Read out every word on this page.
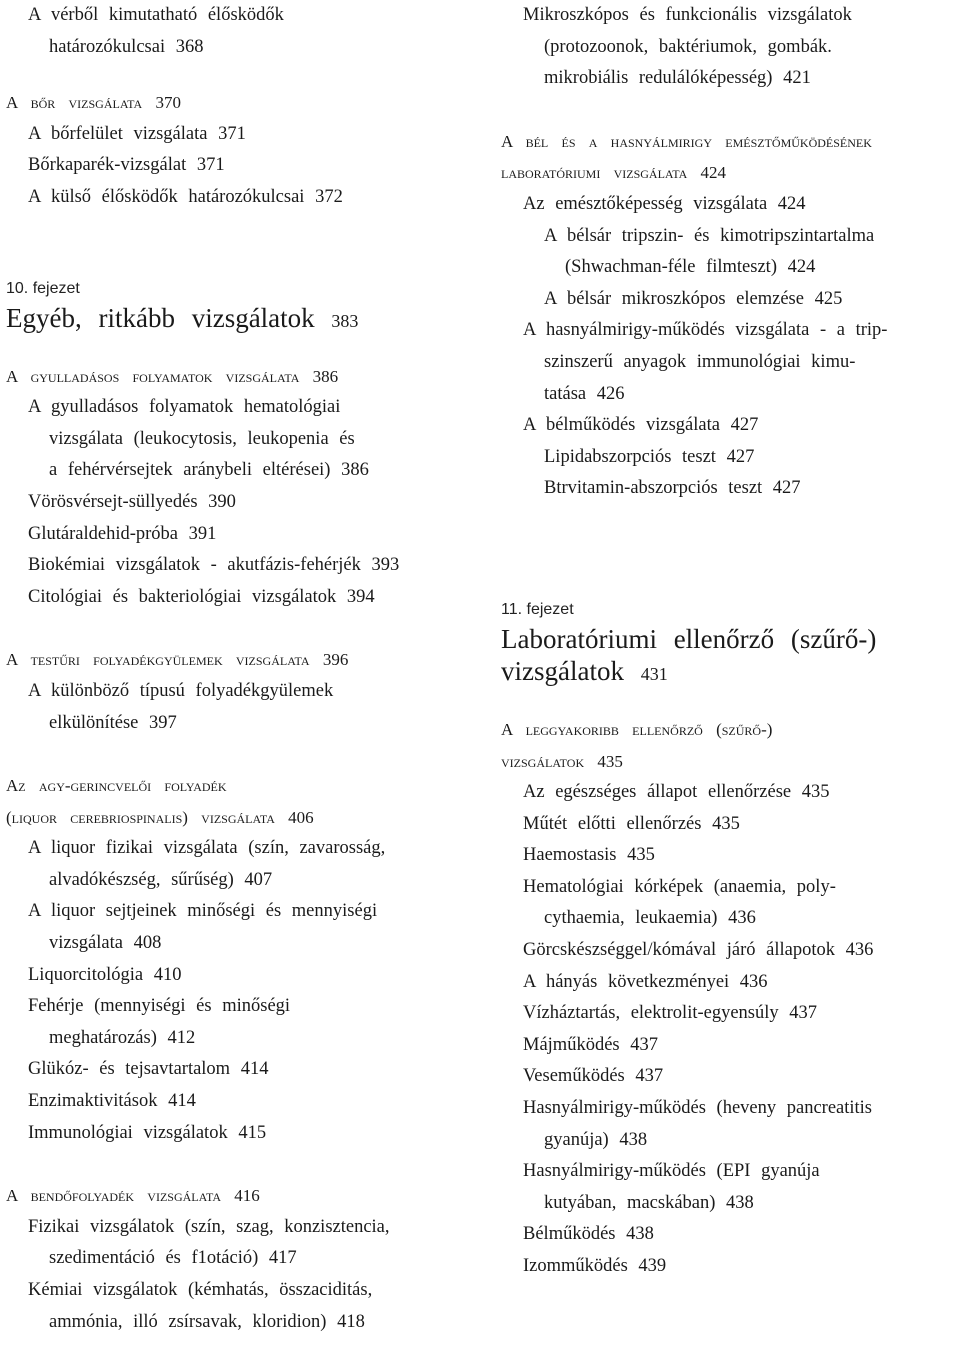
A vérből kimutatható élősködők
határozókulcsai 368
A bőr vizsgálata 370
A bőrfelület vizsgálata 371
Bőrkaparék-vizsgálat 371
A külső élősködők határozókulcsai 372
10. fejezet
Egyéb, ritkább vizsgálatok 383
A gyulladásos folyamatok vizsgálata 386
A gyulladásos folyamatok hematológiai
vizsgálata (leukocytosis, leukopenia és
a fehérvérsejtek aránybeli eltérései) 386
Vörösvérsejt-süllyedés 390
Glutáraldehid-próba 391
Biokémiai vizsgálatok - akutfázis-fehérjék 393
Citológiai és bakteriológiai vizsgálatok 394
A testűri folyadékgyülemek vizsgálata 396
A különböző típusú folyadékgyülemek
elkülönítése 397
Az agy-gerincvelői folyadék
(liquor cerebriospinalis) vizsgálata 406
A liquor fizikai vizsgálata (szín, zavarosság,
alvadókészség, sűrűség) 407
A liquor sejtjeinek minőségi és mennyiségi
vizsgálata 408
Liquorcitológia 410
Fehérje (mennyiségi és minőségi
meghatározás) 412
Glükóz- és tejsavtartalom 414
Enzimaktivitások 414
Immunológiai vizsgálatok 415
A bendőfolyadék vizsgálata 416
Fizikai vizsgálatok (szín, szag, konzisztencia,
szedimentáció és f1otáció) 417
Kémiai vizsgálatok (kémhatás, összaciditás,
ammónia, illó zsírsavak, kloridion) 418
Mikroszkópos és funkcionális vizsgálatok
(protozoonok, baktériumok, gombák.
mikrobiális redulálóképesség) 421
A bél és a hasnyálmirigy emésztőműködésének
laboratóriumi vizsgálata 424
Az emésztőképesség vizsgálata 424
A bélsár tripszin- és kimotripszintartalma
(Shwachman-féle filmteszt) 424
A bélsár mikroszkópos elemzése 425
A hasnyálmirigy-működés vizsgálata - a trip-
szinszerű anyagok immunológiai kimu-
tatása 426
A bélműködés vizsgálata 427
Lipidabszorpciós teszt 427
Btrvitamin-abszorpciós teszt 427
11. fejezet
Laboratóriumi ellenőrző (szűrő-)
vizsgálatok 431
A leggyakoribb ellenőrző (szűrő-)
vizsgálatok 435
Az egészséges állapot ellenőrzése 435
Műtét előtti ellenőrzés 435
Haemostasis 435
Hematológiai kórképek (anaemia, poly-
cythaemia, leukaemia) 436
Görcskészséggel/kómával járó állapotok 436
A hányás következményei 436
Vízháztartás, elektrolit-egyensúly 437
Májműködés 437
Veseműködés 437
Hasnyálmirigy-működés (heveny pancreatitis
gyanúja) 438
Hasnyálmirigy-működés (EPI gyanúja
kutyában, macskában) 438
Bélműködés 438
Izomműködés 439
